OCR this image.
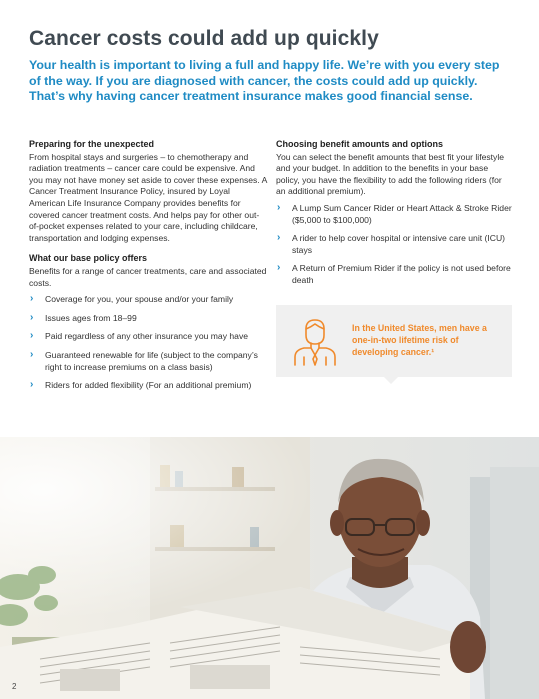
Cancer costs could add up quickly

Your health is important to living a full and happy life. We’re with you every step of the way. If you are diagnosed with cancer, the costs could add up quickly. That’s why having cancer treatment insurance makes good financial sense.

Preparing for the unexpected

From hospital stays and surgeries – to chemotherapy and radiation treatments – cancer care could be expensive. And you may not have money set aside to cover these expenses. A Cancer Treatment Insurance Policy, insured by Loyal American Life Insurance Company provides benefits for covered cancer treatment costs. And helps pay for other out-of-pocket expenses related to your care, including childcare, transportation and lodging expenses.

What our base policy offers

Benefits for a range of cancer treatments, care and associated costs.

› Coverage for you, your spouse and/or your family
› Issues ages from 18–99
› Paid regardless of any other insurance you may have
› Guaranteed renewable for life (subject to the company’s right to increase premiums on a class basis)
› Riders for added flexibility (For an additional premium)
Choosing benefit amounts and options

You can select the benefit amounts that best fit your lifestyle and your budget. In addition to the benefits in your base policy, you have the flexibility to add the following riders (for an additional premium).

› A Lump Sum Cancer Rider or Heart Attack & Stroke Rider ($5,000 to $100,000)
› A rider to help cover hospital or intensive care unit (ICU) stays
› A Return of Premium Rider if the policy is not used before death
In the United States, men have a one-in-two lifetime risk of developing cancer.¹
2
